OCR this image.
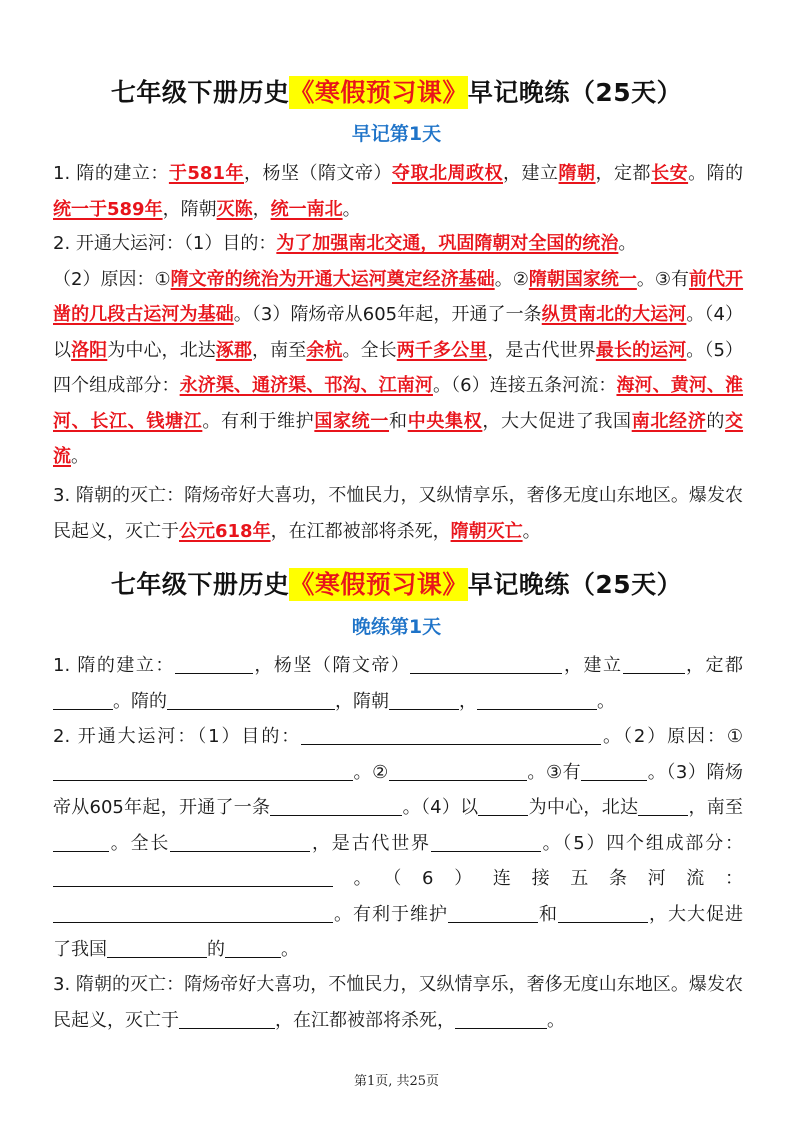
七年级下册历史《寒假预习课》早记晚练（25天）
早记第1天
1. 隋的建立：于581年，杨坚（隋文帝）夺取北周政权，建立隋朝，定都长安。隋的统一于589年，隋朝灭陈，统一南北。
2. 开通大运河：（1）目的：为了加强南北交通，巩固隋朝对全国的统治。
（2）原因：①隋文帝的统治为开通大运河奠定经济基础。②隋朝国家统一。③有前代开凿的几段古运河为基础。（3）隋炀帝从605年起，开通了一条纵贯南北的大运河。（4）以洛阳为中心，北达涿郡，南至余杭。全长两千多公里，是古代世界最长的运河。（5）四个组成部分：永济渠、通济渠、邗沟、江南河。（6）连接五条河流：海河、黄河、淮河、长江、钱塘江。有利于维护国家统一和中央集权，大大促进了我国南北经济的交流。
3. 隋朝的灭亡：隋炀帝好大喜功，不恤民力，又纵情享乐，奢侈无度山东地区。爆发农民起义，灭亡于公元618年，在江都被部将杀死，隋朝灭亡。
七年级下册历史《寒假预习课》早记晚练（25天）
晚练第1天
1. 隋的建立：	，杨坚（隋文帝）	，建立	，定都。隋的	，隋朝	，	。
2. 开通大运河：（1）目的：	。（2）原因：①。②	。③有	。（3）隋炀帝从605年起，开通了一条	。（4）以	为中心，北达	，南至。全长	，是古代世界	。（5）四个组成部分：。（6）连接五条河流：。有利于维护	和	，大大促进了我国	的	。
3. 隋朝的灭亡：隋炀帝好大喜功，不恤民力，又纵情享乐，奢侈无度山东地区。爆发农民起义，灭亡于	，在江都被部将杀死，	。
第1页, 共25页
